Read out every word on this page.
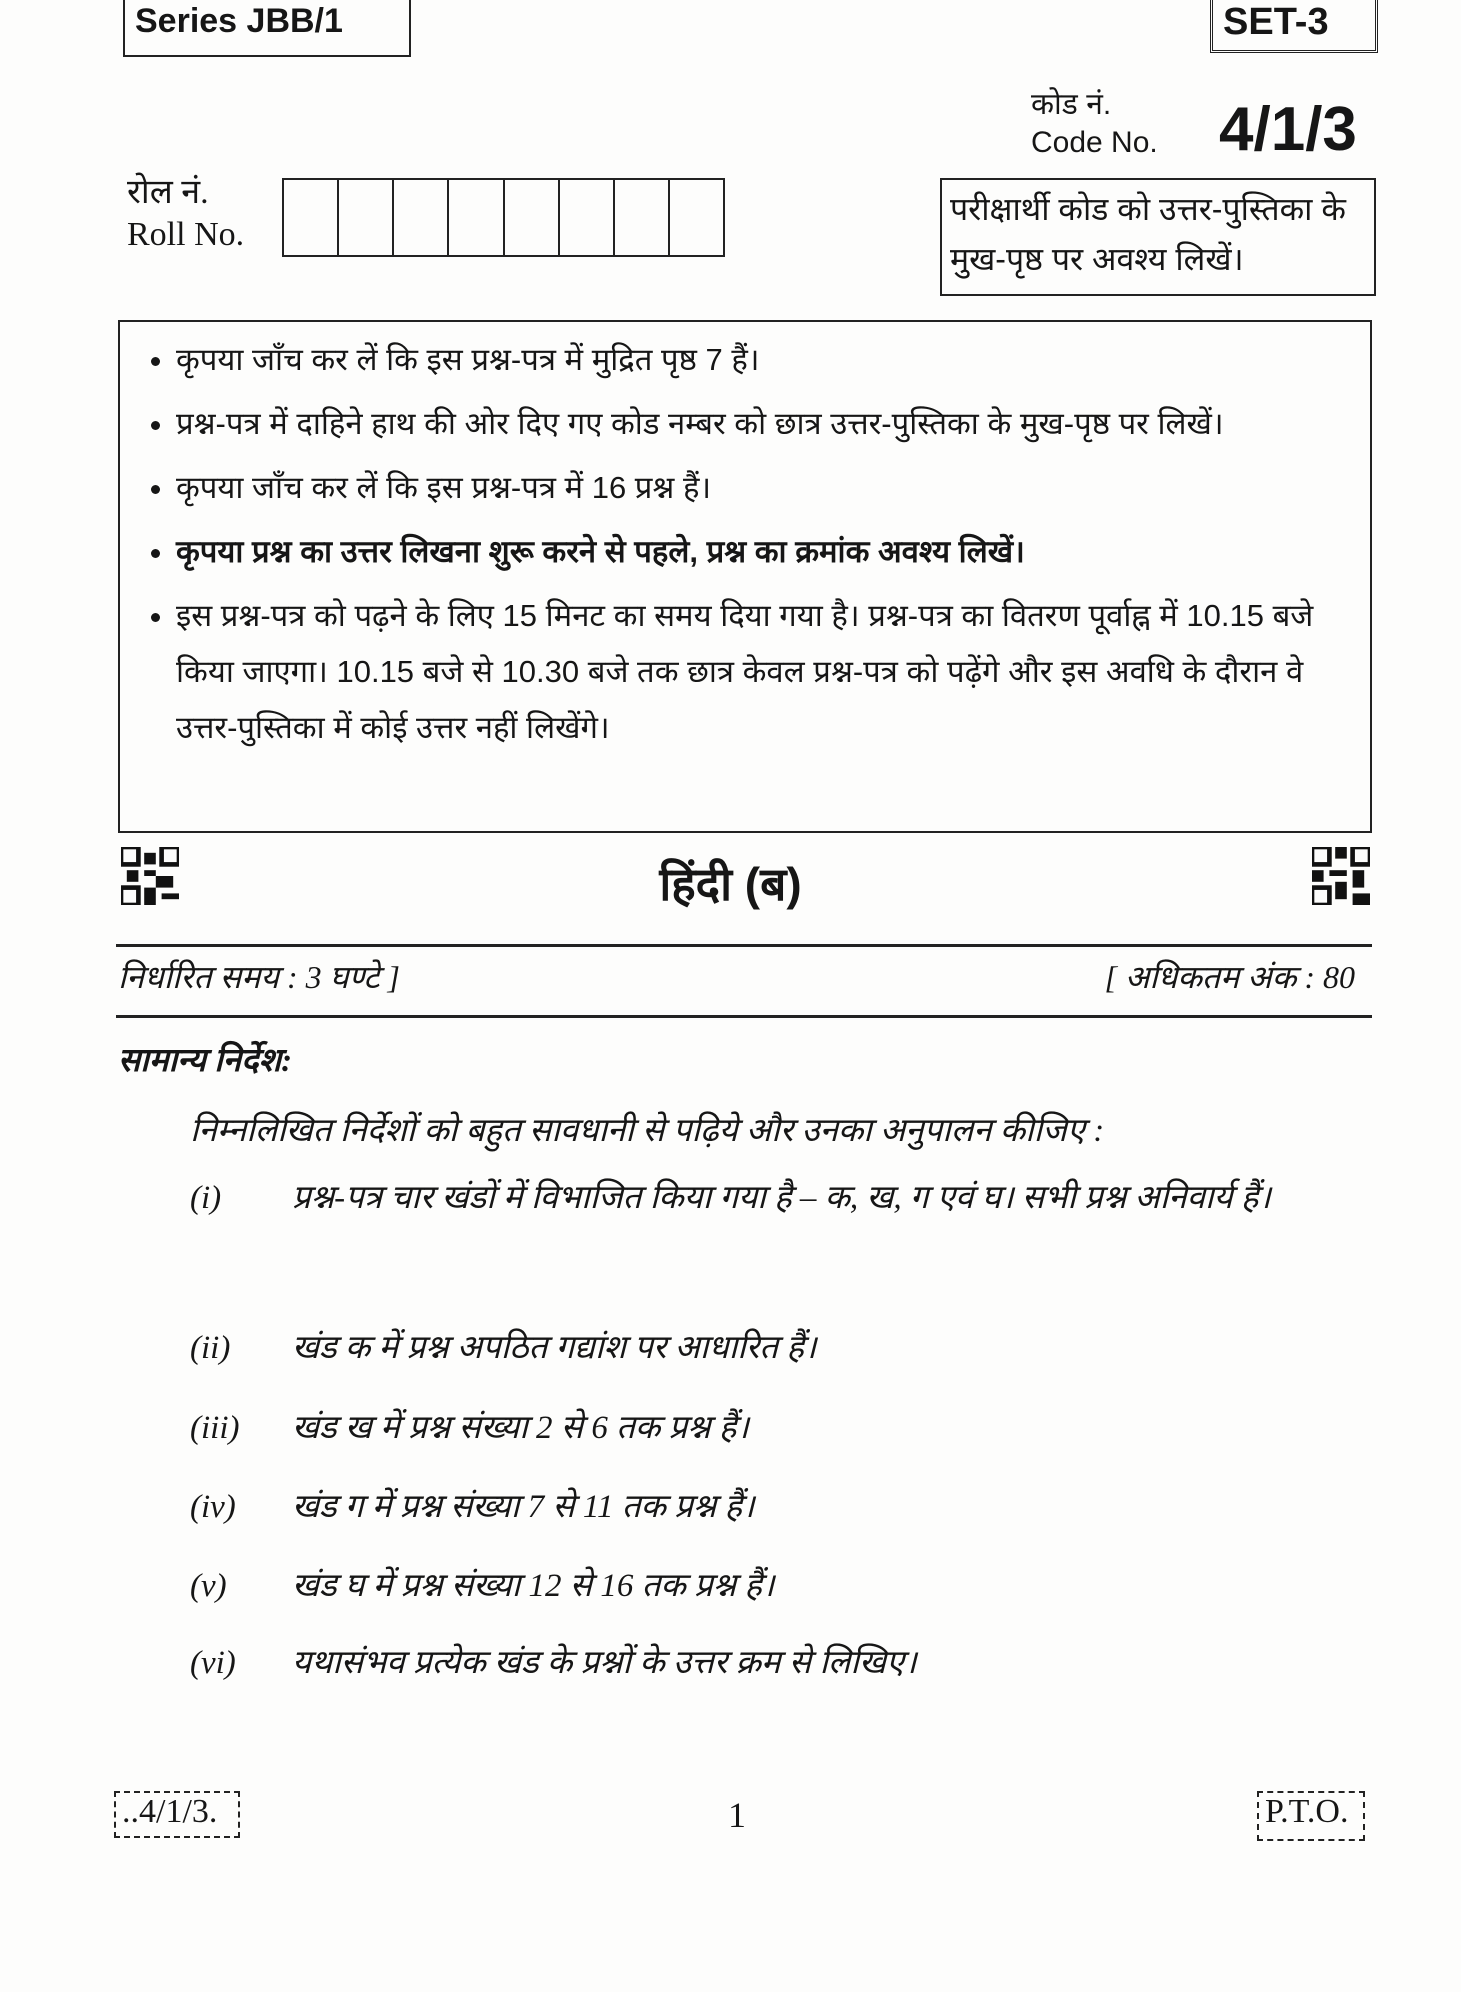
Series JBB/1	SET-3
कोड नं.
Code No. 4/1/3
रोल नं.
Roll No.
परीक्षार्थी कोड को उत्तर-पुस्तिका के मुख-पृष्ठ पर अवश्य लिखें।
• कृपया जाँच कर लें कि इस प्रश्न-पत्र में मुद्रित पृष्ठ 7 हैं।
• प्रश्न-पत्र में दाहिने हाथ की ओर दिए गए कोड नम्बर को छात्र उत्तर-पुस्तिका के मुख-पृष्ठ पर लिखें।
• कृपया जाँच कर लें कि इस प्रश्न-पत्र में 16 प्रश्न हैं।
• कृपया प्रश्न का उत्तर लिखना शुरू करने से पहले, प्रश्न का क्रमांक अवश्य लिखें।
• इस प्रश्न-पत्र को पढ़ने के लिए 15 मिनट का समय दिया गया है। प्रश्न-पत्र का वितरण पूर्वाह्न में 10.15 बजे किया जाएगा। 10.15 बजे से 10.30 बजे तक छात्र केवल प्रश्न-पत्र को पढ़ेंगे और इस अवधि के दौरान वे उत्तर-पुस्तिका में कोई उत्तर नहीं लिखेंगे।
हिंदी (ब)
निर्धारित समय : 3 घण्टे ]	[ अधिकतम अंक : 80
सामान्य निर्देश:
निम्नलिखित निर्देशों को बहुत सावधानी से पढ़िये और उनका अनुपालन कीजिए :
(i)	प्रश्न-पत्र चार खंडों में विभाजित किया गया है – क, ख, ग एवं घ। सभी प्रश्न अनिवार्य हैं।
(ii)	खंड क में प्रश्न अपठित गद्यांश पर आधारित हैं।
(iii)	खंड ख में प्रश्न संख्या 2 से 6 तक प्रश्न हैं।
(iv)	खंड ग में प्रश्न संख्या 7 से 11 तक प्रश्न हैं।
(v)	खंड घ में प्रश्न संख्या 12 से 16 तक प्रश्न हैं।
(vi)	यथासंभव प्रत्येक खंड के प्रश्नों के उत्तर क्रम से लिखिए।
..4/1/3.	1	P.T.O.
